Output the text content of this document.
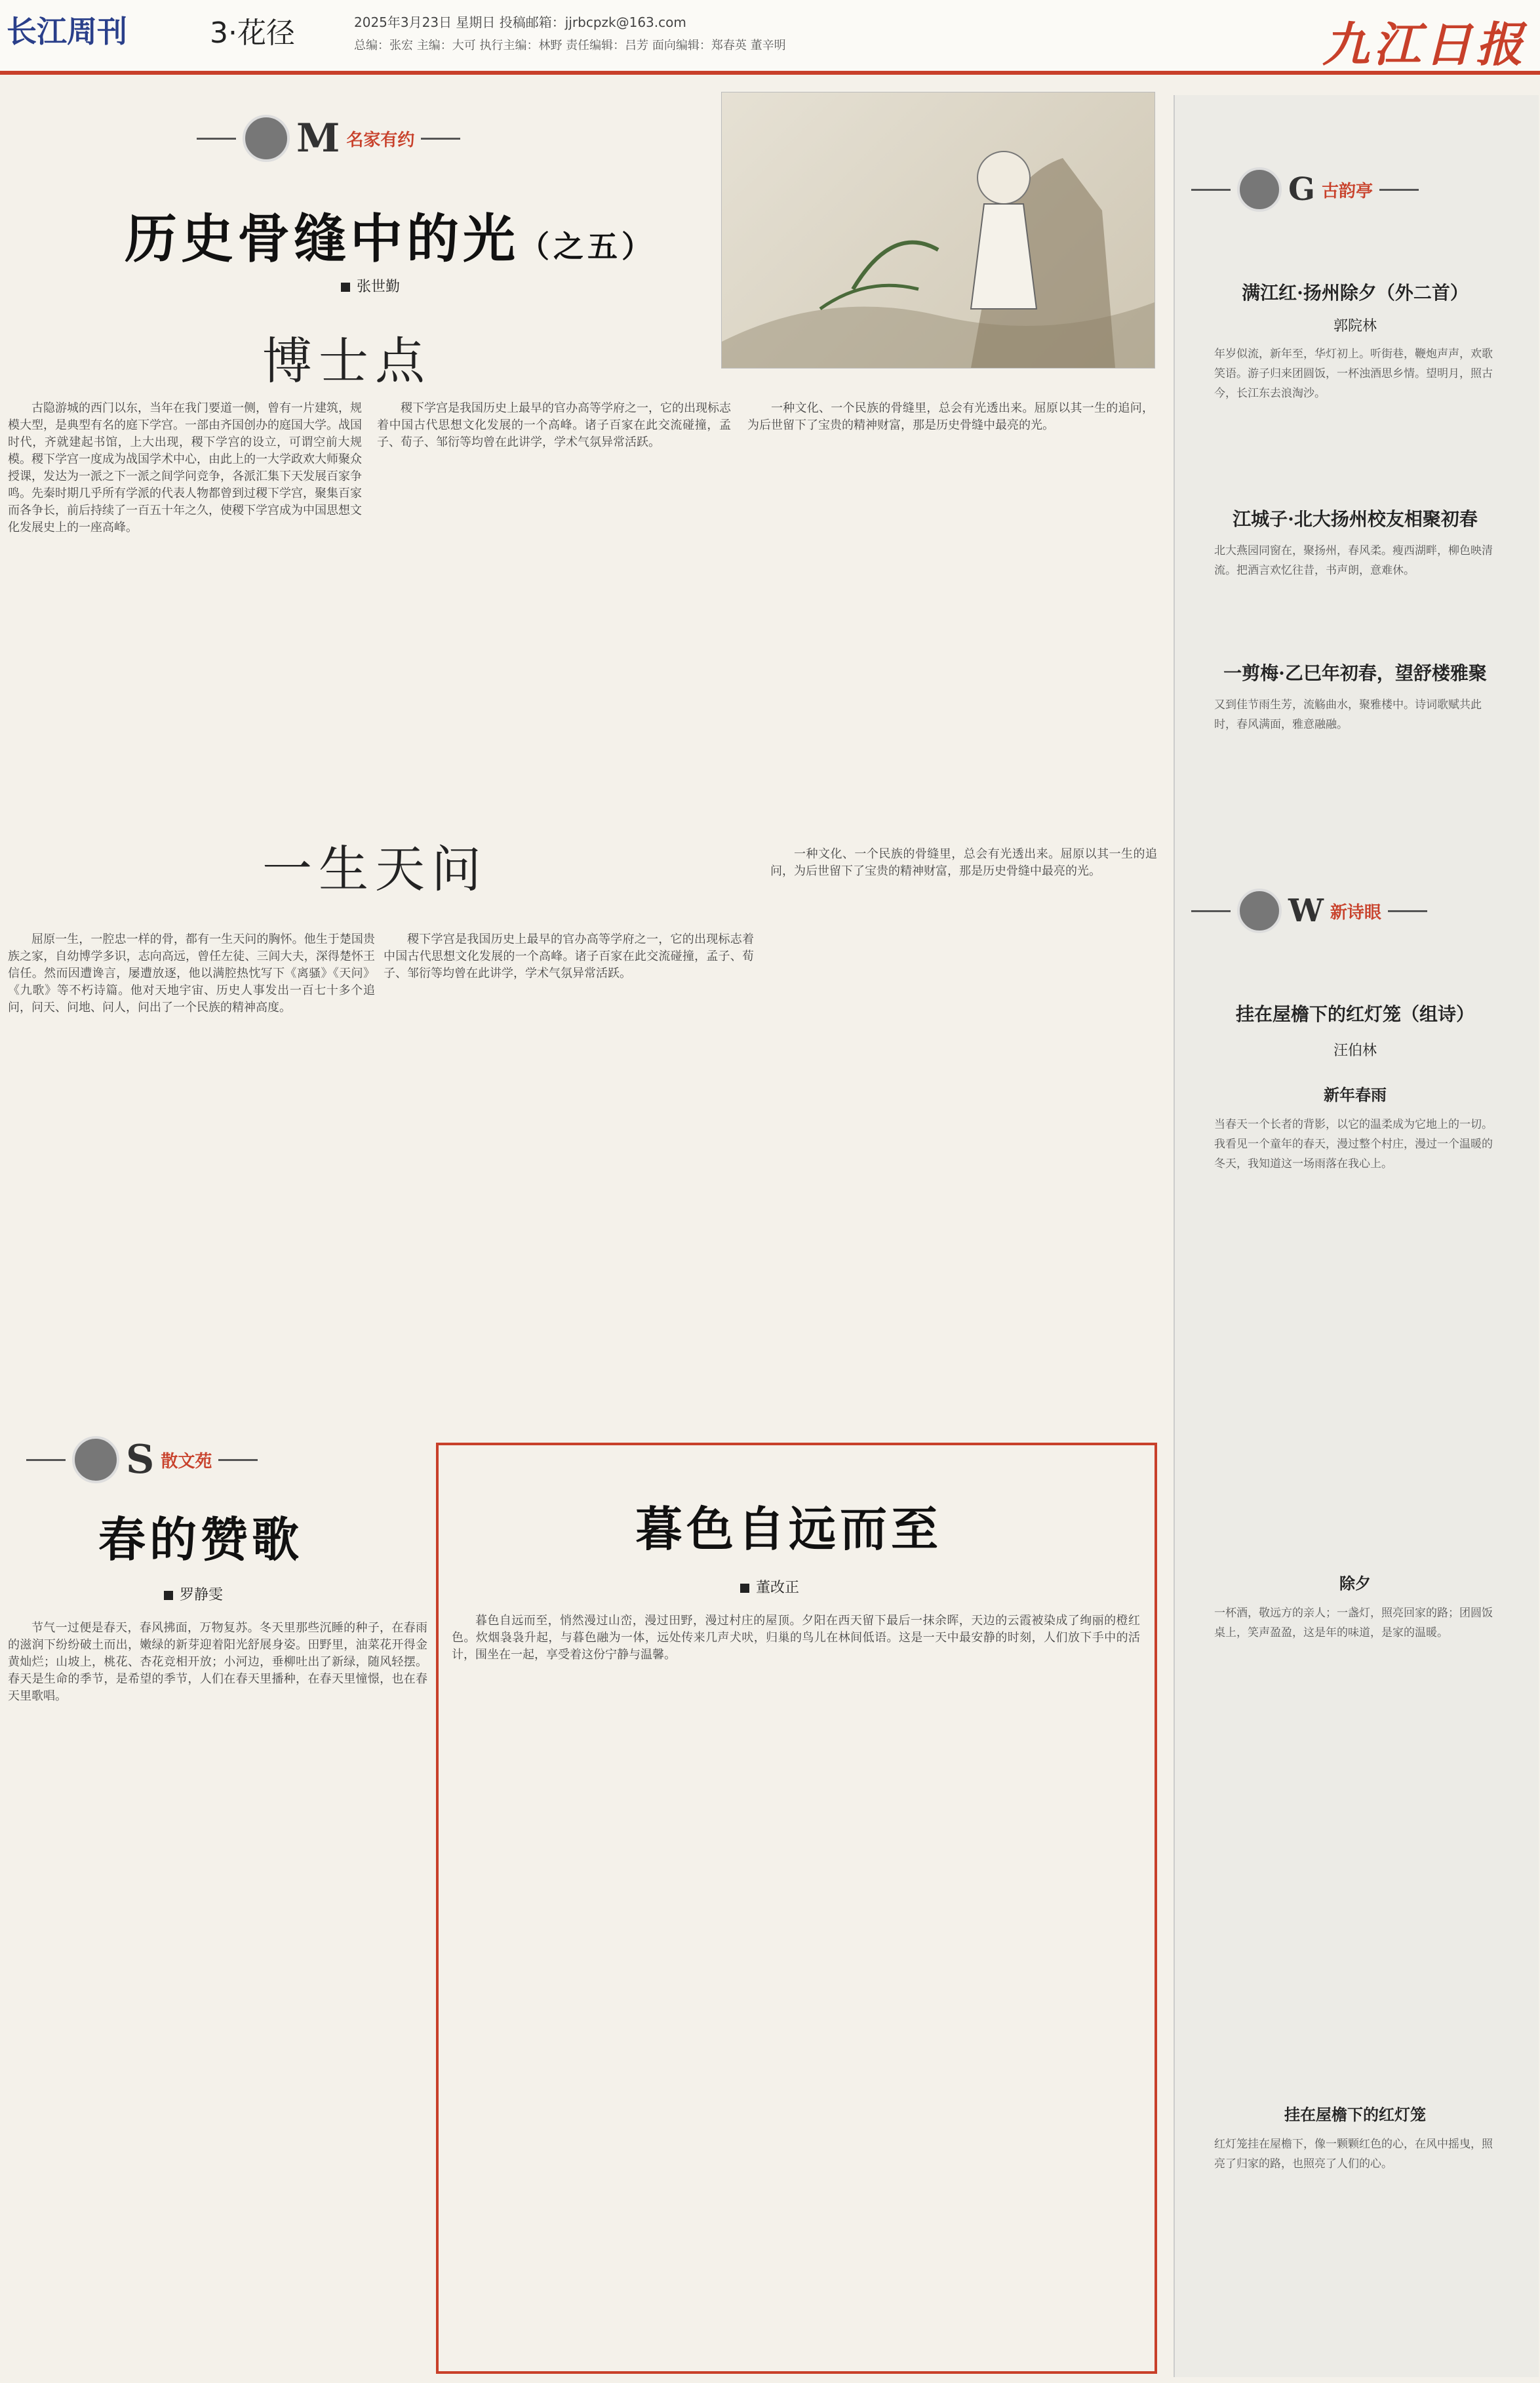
长江周刊	3·花径	2025年3月23日 星期日 投稿邮箱：jjrbcpzk@163.com
总编：张宏 主编：大可 执行主编：林野 责任编辑：吕芳 面向编辑：郑春英 董辛明	九江日报
M 名家有约
历史骨缝中的光（之五）
张世勤
博士点

古隐游城的西门以东，当年在我门要道一侧，曾有一片建筑，规模大型，是典型有名的庭下学宫。一部由齐国创办的庭国大学。战国时代，齐就建起书馆，上大出现，稷下学宫的设立，可谓空前大规模。稷下学宫一度成为战国学术中心，由此上的一大学政欢大师聚众授课，发达为一派之下一派之间学问竞争，各派汇集下天发展百家争鸣。先秦时期几乎所有学派的代表人物都曾到过稷下学宫，聚集百家而各争长，前后持续了一百五十年之久，使稷下学宫成为中国思想文化发展史上的一座高峰。

稷下学宫是我国历史上最早的官办高等学府之一，它的出现标志着中国古代思想文化发展的一个高峰。诸子百家在此交流碰撞，孟子、荀子、邹衍等均曾在此讲学，学术气氛异常活跃。

一种文化、一个民族的骨缝里，总会有光透出来。屈原以其一生的追问，为后世留下了宝贵的精神财富，那是历史骨缝中最亮的光。

一生天问

屈原一生，一腔忠一样的骨，都有一生天问的胸怀。他生于楚国贵族之家，自幼博学多识，志向高远，曾任左徒、三闾大夫，深得楚怀王信任。然而因遭谗言，屡遭放逐，他以满腔热忱写下《离骚》《天问》《九歌》等不朽诗篇。他对天地宇宙、历史人事发出一百七十多个追问，问天、问地、问人，问出了一个民族的精神高度。

稷下学宫是我国历史上最早的官办高等学府之一，它的出现标志着中国古代思想文化发展的一个高峰。诸子百家在此交流碰撞，孟子、荀子、邹衍等均曾在此讲学，学术气氛异常活跃。

一种文化、一个民族的骨缝里，总会有光透出来。屈原以其一生的追问，为后世留下了宝贵的精神财富，那是历史骨缝中最亮的光。

S 散文苑
春的赞歌
罗静雯

节气一过便是春天，春风拂面，万物复苏。冬天里那些沉睡的种子，在春雨的滋润下纷纷破土而出，嫩绿的新芽迎着阳光舒展身姿。田野里，油菜花开得金黄灿烂；山坡上，桃花、杏花竞相开放；小河边，垂柳吐出了新绿，随风轻摆。春天是生命的季节，是希望的季节，人们在春天里播种，在春天里憧憬，也在春天里歌唱。

暮色自远而至
董改正

暮色自远而至，悄然漫过山峦，漫过田野，漫过村庄的屋顶。夕阳在西天留下最后一抹余晖，天边的云霞被染成了绚丽的橙红色。炊烟袅袅升起，与暮色融为一体，远处传来几声犬吠，归巢的鸟儿在林间低语。这是一天中最安静的时刻，人们放下手中的活计，围坐在一起，享受着这份宁静与温馨。

G 古韵亭
满江红·扬州除夕（外二首）
郭院林
年岁似流，新年至，华灯初上。听街巷，鞭炮声声，欢歌笑语。游子归来团圆饭，一杯浊酒思乡情。望明月，照古今，长江东去浪淘沙。
江城子·北大扬州校友相聚初春
北大燕园同窗在，聚扬州，春风柔。瘦西湖畔，柳色映清流。把酒言欢忆往昔，书声朗，意难休。
一剪梅·乙巳年初春，望舒楼雅聚
又到佳节雨生芳，流觞曲水，聚雅楼中。诗词歌赋共此时，春风满面，雅意融融。
W 新诗眼
挂在屋檐下的红灯笼（组诗）
汪伯林
新年春雨
当春天一个长者的背影，以它的温柔成为它地上的一切。我看见一个童年的春天，漫过整个村庄，漫过一个温暖的冬天，我知道这一场雨落在我心上。
除夕
一杯酒，敬远方的亲人；一盏灯，照亮回家的路；团圆饭桌上，笑声盈盈，这是年的味道，是家的温暖。
挂在屋檐下的红灯笼
红灯笼挂在屋檐下，像一颗颗红色的心，在风中摇曳，照亮了归家的路，也照亮了人们的心。
